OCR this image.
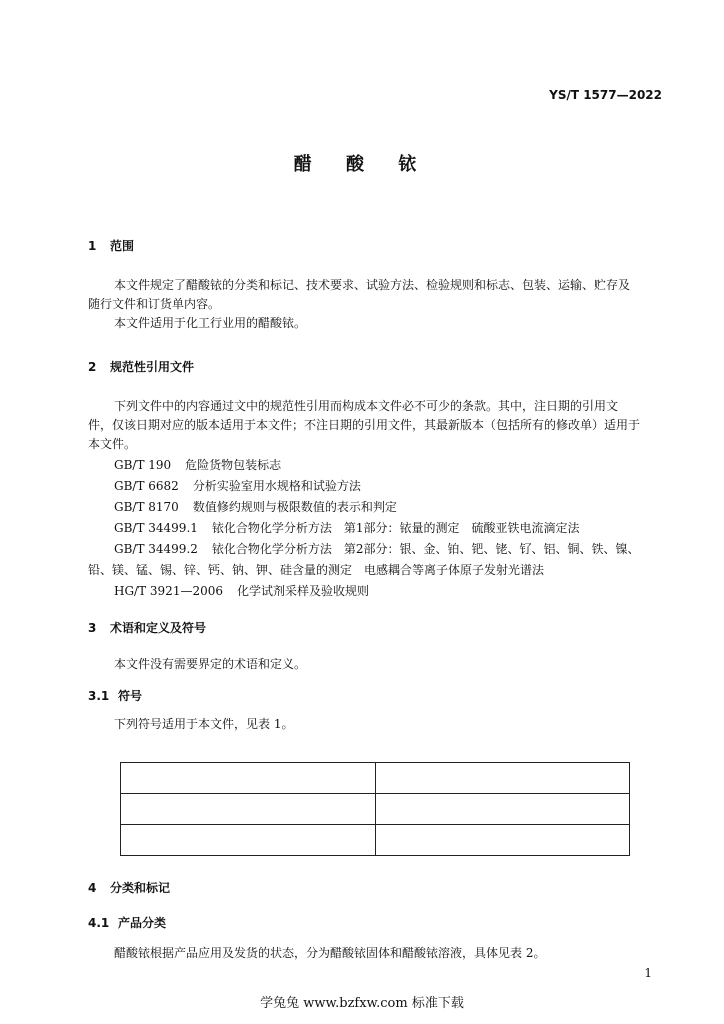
YS/T 1577—2022
醋 酸 铱
1 范围
本文件规定了醋酸铱的分类和标记、技术要求、试验方法、检验规则和标志、包装、运输、贮存及随行文件和订货单内容。
本文件适用于化工行业用的醋酸铱。
2 规范性引用文件
下列文件中的内容通过文中的规范性引用而构成本文件必不可少的条款。其中，注日期的引用文件，仅该日期对应的版本适用于本文件；不注日期的引用文件，其最新版本（包括所有的修改单）适用于本文件。
GB/T 190 危险货物包装标志
GB/T 6682 分析实验室用水规格和试验方法
GB/T 8170 数值修约规则与极限数值的表示和判定
GB/T 34499.1 铱化合物化学分析方法　第1部分：铱量的测定　硫酸亚铁电流滴定法
GB/T 34499.2 铱化合物化学分析方法　第2部分：银、金、铂、钯、铑、钌、铝、铜、铁、镍、铅、镁、锰、锡、锌、钙、钠、钾、硅含量的测定　电感耦合等离子体原子发射光谱法
HG/T 3921—2006 化学试剂采样及验收规则
3 术语和定义及符号
本文件没有需要界定的术语和定义。
3.1 符号
下列符号适用于本文件，见表 1。

4 分类和标记
4.1 产品分类
醋酸铱根据产品应用及发货的状态，分为醋酸铱固体和醋酸铱溶液，具体见表 2。
1
学兔兔 www.bzfxw.com 标准下载
